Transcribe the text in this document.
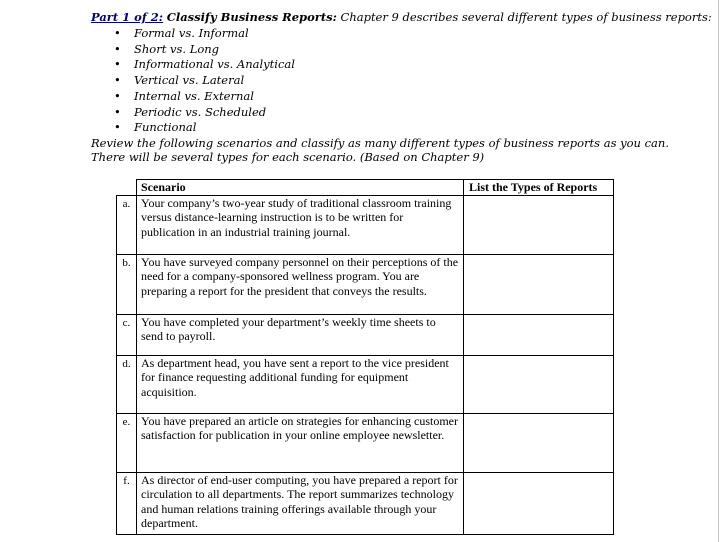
Part 1 of 2: Classify Business Reports: Chapter 9 describes several different types of business reports:
• Formal vs. Informal
• Short vs. Long
• Informational vs. Analytical
• Vertical vs. Lateral
• Internal vs. External
• Periodic vs. Scheduled
• Functional
Review the following scenarios and classify as many different types of business reports as you can.
There will be several types for each scenario. (Based on Chapter 9)
	Scenario	List the Types of Reports
a.	Your company’s two-year study of traditional classroom training versus distance-learning instruction is to be written for publication in an industrial training journal.	
b.	You have surveyed company personnel on their perceptions of the need for a company-sponsored wellness program. You are preparing a report for the president that conveys the results.	
c.	You have completed your department’s weekly time sheets to send to payroll.	
d.	As department head, you have sent a report to the vice president for finance requesting additional funding for equipment acquisition.	
e.	You have prepared an article on strategies for enhancing customer satisfaction for publication in your online employee newsletter.	
f.	As director of end-user computing, you have prepared a report for circulation to all departments. The report summarizes technology and human relations training offerings available through your department.	
